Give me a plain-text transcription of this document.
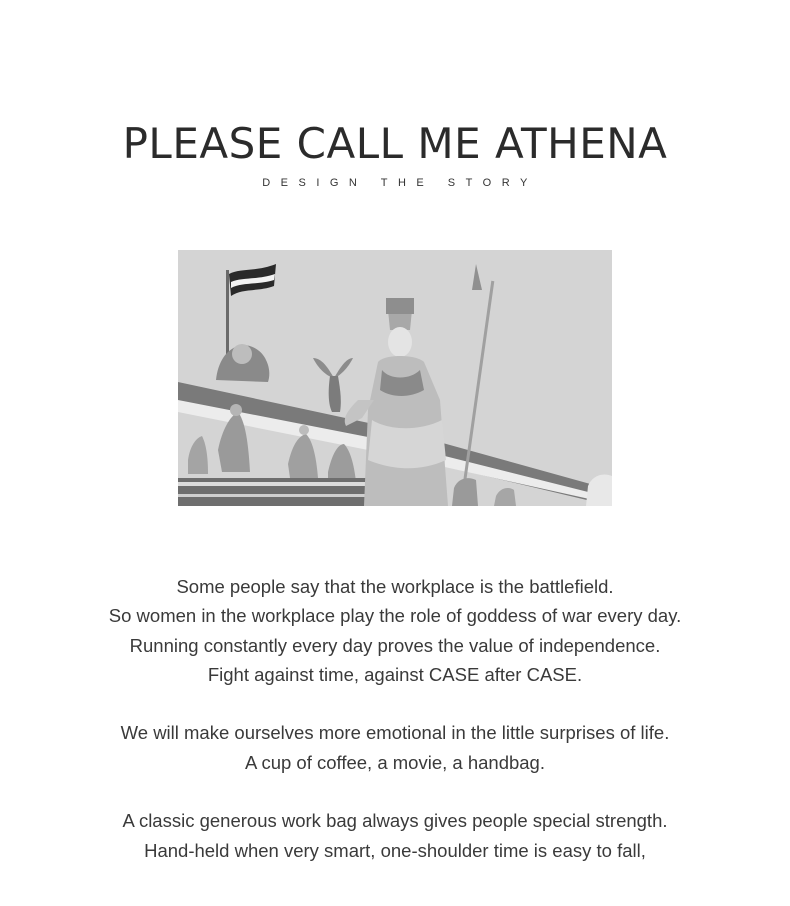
PLEASE CALL ME ATHENA
DESIGN THE STORY

Some people say that the workplace is the battlefield.

So women in the workplace play the role of goddess of war every day.

Running constantly every day proves the value of independence.

Fight against time, against CASE after CASE.

We will make ourselves more emotional in the little surprises of life.

A cup of coffee, a movie, a handbag.

A classic generous work bag always gives people special strength.

Hand-held when very smart, one-shoulder time is easy to fall,
